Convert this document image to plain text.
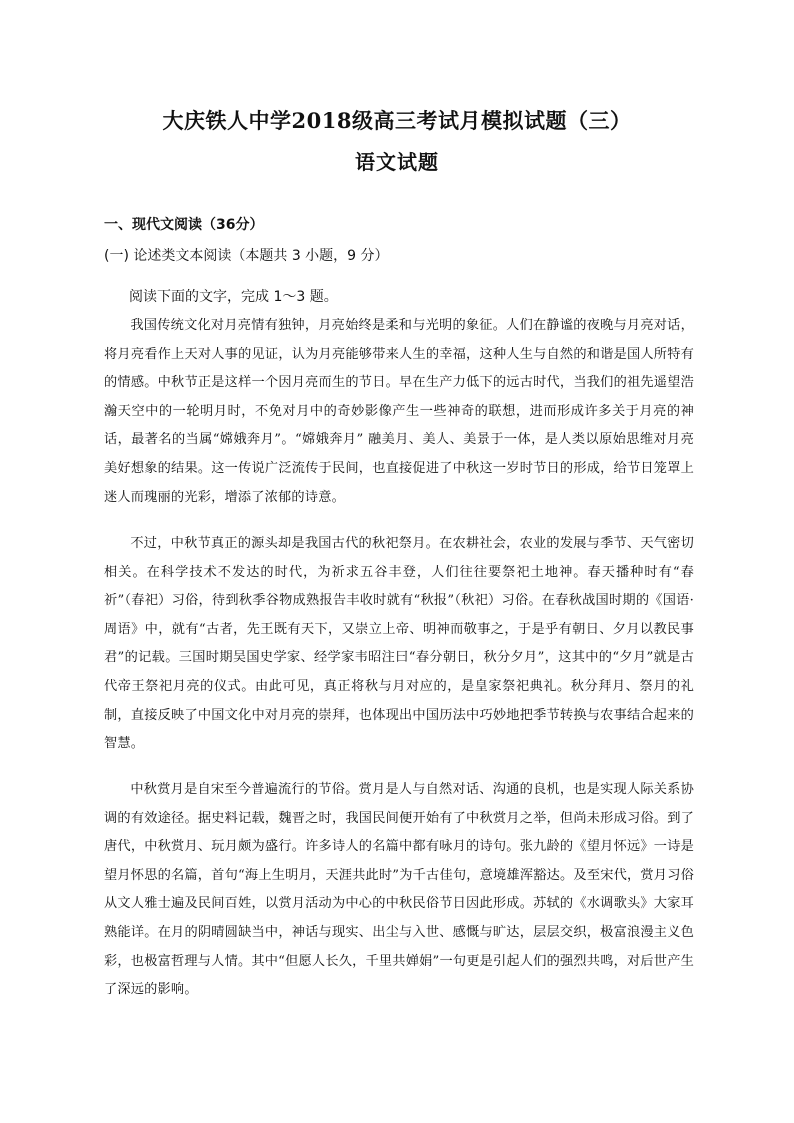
大庆铁人中学2018级高三考试月模拟试题（三）
语文试题
一、现代文阅读（36分）
(一) 论述类文本阅读（本题共 3 小题，9 分）
阅读下面的文字，完成 1～3 题。

我国传统文化对月亮情有独钟，月亮始终是柔和与光明的象征。人们在静谧的夜晚与月亮对话，将月亮看作上天对人事的见证，认为月亮能够带来人生的幸福，这种人生与自然的和谐是国人所特有的情感。中秋节正是这样一个因月亮而生的节日。早在生产力低下的远古时代，当我们的祖先遥望浩瀚天空中的一轮明月时，不免对月中的奇妙影像产生一些神奇的联想，进而形成许多关于月亮的神话，最著名的当属“嫦娥奔月”。“嫦娥奔月” 融美月、美人、美景于一体，是人类以原始思维对月亮美好想象的结果。这一传说广泛流传于民间，也直接促进了中秋这一岁时节日的形成，给节日笼罩上迷人而瑰丽的光彩，增添了浓郁的诗意。

不过，中秋节真正的源头却是我国古代的秋祀祭月。在农耕社会，农业的发展与季节、天气密切相关。在科学技术不发达的时代，为祈求五谷丰登，人们往往要祭祀土地神。春天播种时有“春祈”（春祀）习俗，待到秋季谷物成熟报告丰收时就有“秋报”（秋祀）习俗。在春秋战国时期的《国语·周语》中，就有“古者，先王既有天下，又崇立上帝、明神而敬事之，于是乎有朝日、夕月以教民事君”的记载。三国时期吴国史学家、经学家韦昭注曰“春分朝日，秋分夕月”，这其中的“夕月”就是古代帝王祭祀月亮的仪式。由此可见，真正将秋与月对应的，是皇家祭祀典礼。秋分拜月、祭月的礼制，直接反映了中国文化中对月亮的崇拜，也体现出中国历法中巧妙地把季节转换与农事结合起来的智慧。

中秋赏月是自宋至今普遍流行的节俗。赏月是人与自然对话、沟通的良机，也是实现人际关系协调的有效途径。据史料记载，魏晋之时，我国民间便开始有了中秋赏月之举，但尚未形成习俗。到了唐代，中秋赏月、玩月颇为盛行。许多诗人的名篇中都有咏月的诗句。张九龄的《望月怀远》一诗是望月怀思的名篇，首句“海上生明月，天涯共此时”为千古佳句，意境雄浑豁达。及至宋代，赏月习俗从文人雅士遍及民间百姓，以赏月活动为中心的中秋民俗节日因此形成。苏轼的《水调歌头》大家耳熟能详。在月的阴晴圆缺当中，神话与现实、出尘与入世、感慨与旷达，层层交织，极富浪漫主义色彩，也极富哲理与人情。其中“但愿人长久，千里共婵娟”一句更是引起人们的强烈共鸣，对后世产生了深远的影响。
